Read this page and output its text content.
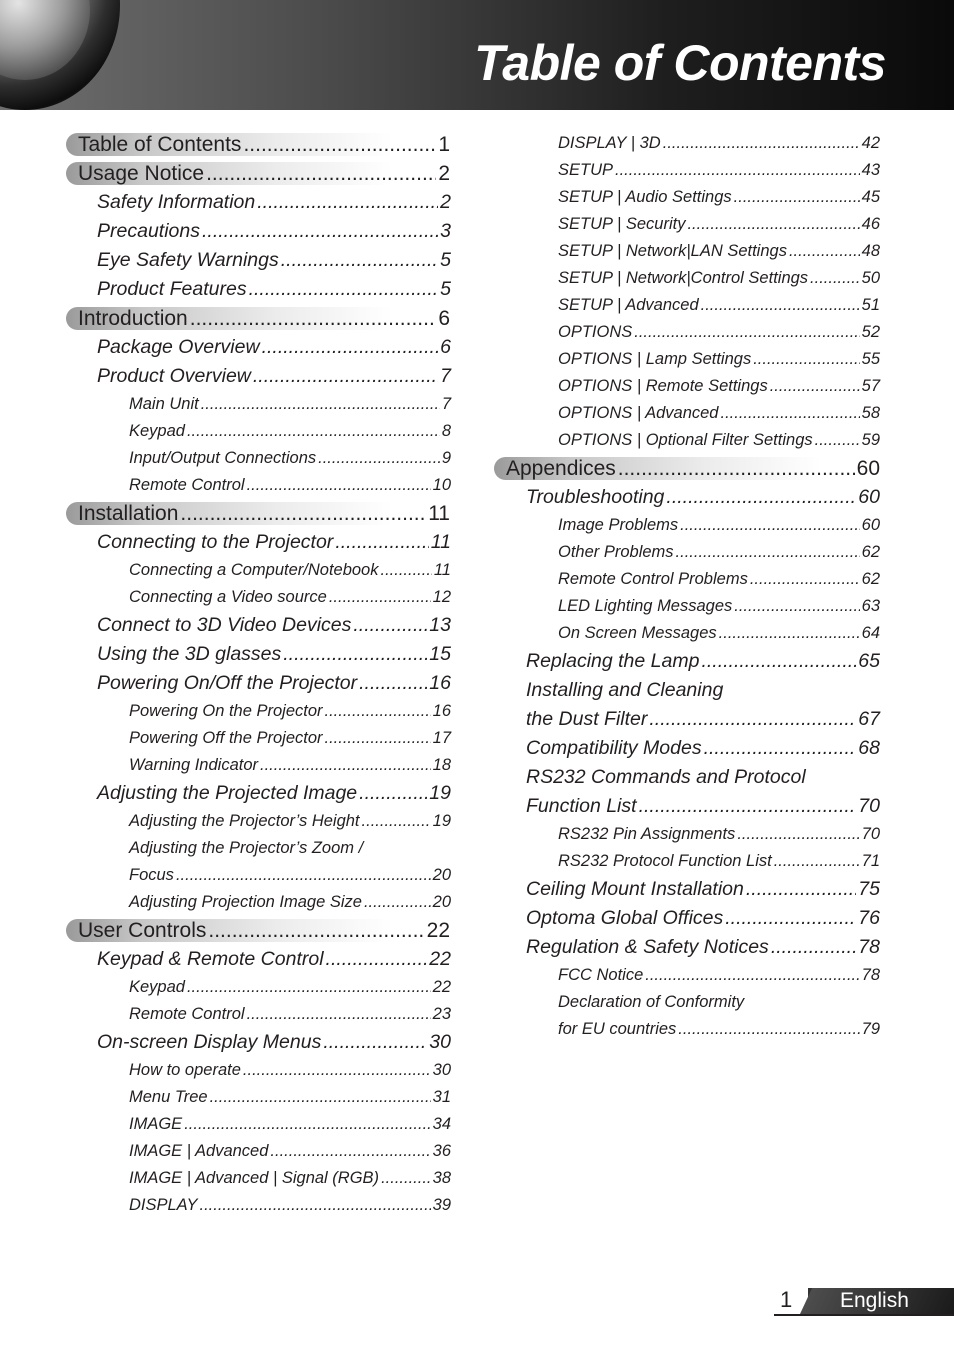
Table of Contents
Table of Contents .....	1
Usage Notice .....	2
Safety Information .....	2
Precautions .....	3
Eye Safety Warnings .....	5
Product Features .....	5
Introduction .....	6
Package Overview .....	6
Product Overview .....	7
Main Unit .....	7
Keypad .....	8
Input/Output Connections .....	9
Remote Control .....	10
Installation .....	11
Connecting to the Projector .....	11
Connecting a Computer/Notebook .....	11
Connecting a Video source .....	12
Connect to 3D Video Devices .....	13
Using the 3D glasses .....	15
Powering On/Off the Projector .....	16
Powering On the Projector .....	16
Powering Off the Projector .....	17
Warning Indicator .....	18
Adjusting the Projected Image .....	19
Adjusting the Projector’s Height .....	19
Adjusting the Projector’s Zoom /
Focus .....	20
Adjusting Projection Image Size .....	20
User Controls .....	22
Keypad & Remote Control .....	22
Keypad .....	22
Remote Control .....	23
On-screen Display Menus .....	30
How to operate .....	30
Menu Tree .....	31
IMAGE .....	34
IMAGE | Advanced .....	36
IMAGE | Advanced | Signal (RGB) .....	38
DISPLAY .....	39
DISPLAY | 3D .....	42
SETUP .....	43
SETUP | Audio Settings .....	45
SETUP | Security .....	46
SETUP | Network|LAN Settings .....	48
SETUP | Network|Control Settings .....	50
SETUP | Advanced .....	51
OPTIONS .....	52
OPTIONS | Lamp Settings .....	55
OPTIONS | Remote Settings .....	57
OPTIONS | Advanced .....	58
OPTIONS | Optional Filter Settings .....	59
Appendices .....	60
Troubleshooting .....	60
Image Problems .....	60
Other Problems .....	62
Remote Control Problems .....	62
LED Lighting Messages .....	63
On Screen Messages .....	64
Replacing the Lamp .....	65
Installing and Cleaning
the Dust Filter .....	67
Compatibility Modes .....	68
RS232 Commands and Protocol
Function List .....	70
RS232 Pin Assignments .....	70
RS232 Protocol Function List .....	71
Ceiling Mount Installation .....	75
Optoma Global Offices .....	76
Regulation & Safety Notices .....	78
FCC Notice .....	78
Declaration of Conformity
for EU countries .....	79
1 English
